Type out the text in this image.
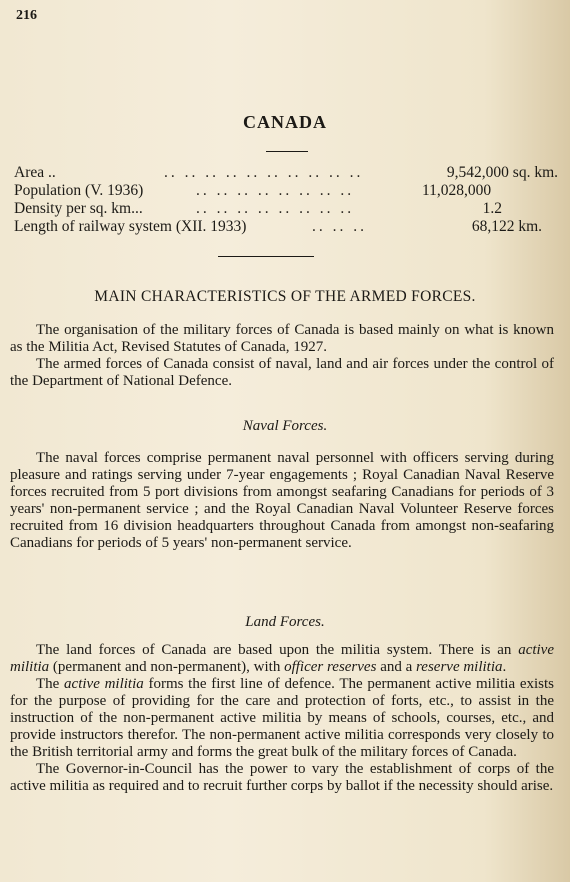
216
CANADA
Area ..	.. .. .. .. .. .. .. .. .. ..	9,542,000 sq. km.
Population (V. 1936)	.. .. .. .. .. .. .. ..	11,028,000
Density per sq. km...	.. .. .. .. .. .. .. ..	1.2
Length of railway system (XII. 1933)	.. .. ..	68,122 km.
MAIN CHARACTERISTICS OF THE ARMED FORCES.

The organisation of the military forces of Canada is based mainly on what is known as the Militia Act, Revised Statutes of Canada, 1927.

The armed forces of Canada consist of naval, land and air forces under the control of the Department of National Defence.

Naval Forces.

The naval forces comprise permanent naval personnel with officers serving during pleasure and ratings serving under 7-year engagements ; Royal Canadian Naval Reserve forces recruited from 5 port divisions from amongst seafaring Canadians for periods of 3 years' non-permanent service ; and the Royal Canadian Naval Volunteer Reserve forces recruited from 16 division headquarters throughout Canada from amongst non-seafaring Canadians for periods of 5 years' non-permanent service.

Land Forces.

The land forces of Canada are based upon the militia system. There is an active militia (permanent and non-permanent), with officer reserves and a reserve militia.

The active militia forms the first line of defence. The permanent active militia exists for the purpose of providing for the care and protection of forts, etc., to assist in the instruction of the non-permanent active militia by means of schools, courses, etc., and provide instructors therefor. The non-permanent active militia corresponds very closely to the British territorial army and forms the great bulk of the military forces of Canada.

The Governor-in-Council has the power to vary the establishment of corps of the active militia as required and to recruit further corps by ballot if the necessity should arise.
